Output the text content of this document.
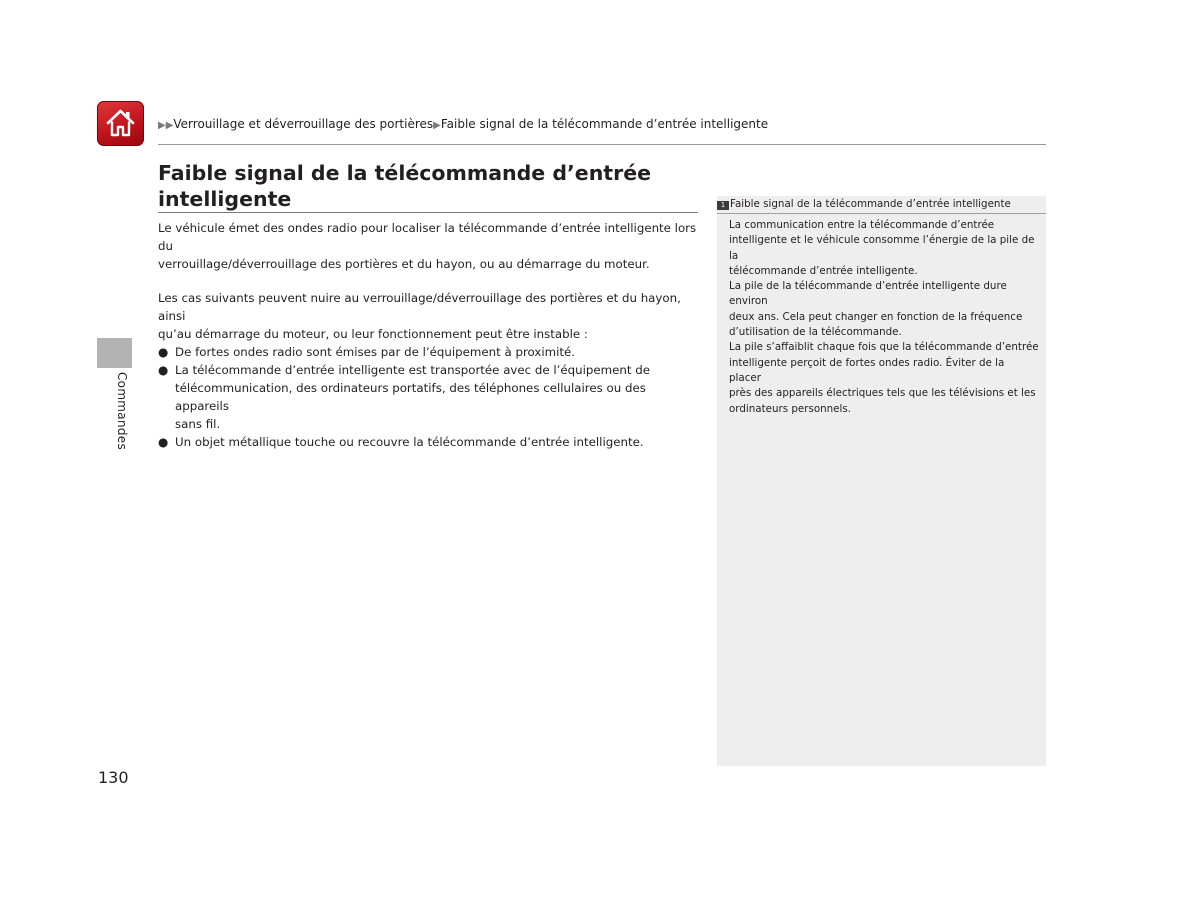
▶▶Verrouillage et déverrouillage des portières▶Faible signal de la télécommande d’entrée intelligente
Faible signal de la télécommande d’entrée
intelligente

Le véhicule émet des ondes radio pour localiser la télécommande d’entrée intelligente lors du
verrouillage/déverrouillage des portières et du hayon, ou au démarrage du moteur.

Les cas suivants peuvent nuire au verrouillage/déverrouillage des portières et du hayon, ainsi
qu’au démarrage du moteur, ou leur fonctionnement peut être instable :

● De fortes ondes radio sont émises par de l’équipement à proximité.
● La télécommande d’entrée intelligente est transportée avec de l’équipement de
télécommunication, des ordinateurs portatifs, des téléphones cellulaires ou des appareils
sans fil.
● Un objet métallique touche ou recouvre la télécommande d’entrée intelligente.
Commandes
1 Faible signal de la télécommande d’entrée intelligente

La communication entre la télécommande d’entrée
intelligente et le véhicule consomme l’énergie de la pile de la
télécommande d’entrée intelligente.

La pile de la télécommande d’entrée intelligente dure environ
deux ans. Cela peut changer en fonction de la fréquence
d’utilisation de la télécommande.

La pile s’affaiblit chaque fois que la télécommande d’entrée
intelligente perçoit de fortes ondes radio. Éviter de la placer
près des appareils électriques tels que les télévisions et les
ordinateurs personnels.

130
